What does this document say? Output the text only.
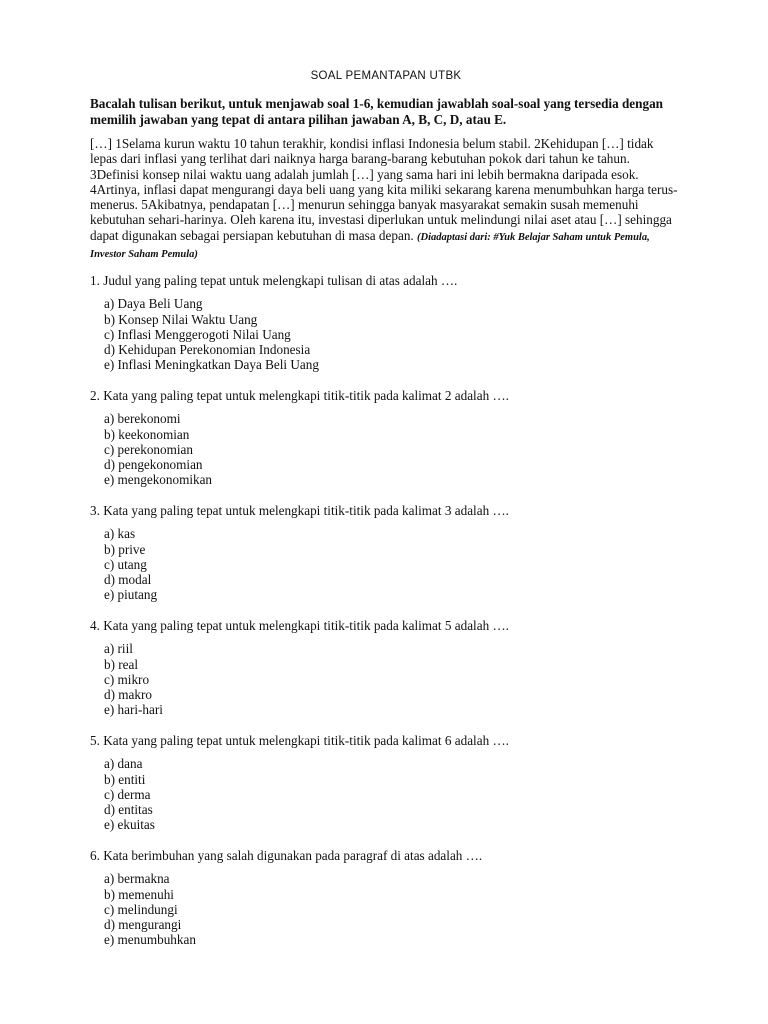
SOAL PEMANTAPAN UTBK
Bacalah tulisan berikut, untuk menjawab soal 1-6, kemudian jawablah soal-soal yang tersedia dengan memilih jawaban yang tepat di antara pilihan jawaban A, B, C, D, atau E.
[…] 1Selama kurun waktu 10 tahun terakhir, kondisi inflasi Indonesia belum stabil. 2Kehidupan […] tidak lepas dari inflasi yang terlihat dari naiknya harga barang-barang kebutuhan pokok dari tahun ke tahun. 3Definisi konsep nilai waktu uang adalah jumlah […] yang sama hari ini lebih bermakna daripada esok. 4Artinya, inflasi dapat mengurangi daya beli uang yang kita miliki sekarang karena menumbuhkan harga terus-menerus. 5Akibatnya, pendapatan […] menurun sehingga banyak masyarakat semakin susah memenuhi kebutuhan sehari-harinya. Oleh karena itu, investasi diperlukan untuk melindungi nilai aset atau […] sehingga dapat digunakan sebagai persiapan kebutuhan di masa depan. (Diadaptasi dari: #Yuk Belajar Saham untuk Pemula, Investor Saham Pemula)
1. Judul yang paling tepat untuk melengkapi tulisan di atas adalah ….
a) Daya Beli Uang
b) Konsep Nilai Waktu Uang
c) Inflasi Menggerogoti Nilai Uang
d) Kehidupan Perekonomian Indonesia
e) Inflasi Meningkatkan Daya Beli Uang
2. Kata yang paling tepat untuk melengkapi titik-titik pada kalimat 2 adalah ….
a) berekonomi
b) keekonomian
c) perekonomian
d) pengekonomian
e) mengekonomikan
3. Kata yang paling tepat untuk melengkapi titik-titik pada kalimat 3 adalah ….
a) kas
b) prive
c) utang
d) modal
e) piutang
4. Kata yang paling tepat untuk melengkapi titik-titik pada kalimat 5 adalah ….
a) riil
b) real
c) mikro
d) makro
e) hari-hari
5. Kata yang paling tepat untuk melengkapi titik-titik pada kalimat 6 adalah ….
a) dana
b) entiti
c) derma
d) entitas
e) ekuitas
6. Kata berimbuhan yang salah digunakan pada paragraf di atas adalah ….
a) bermakna
b) memenuhi
c) melindungi
d) mengurangi
e) menumbuhkan
